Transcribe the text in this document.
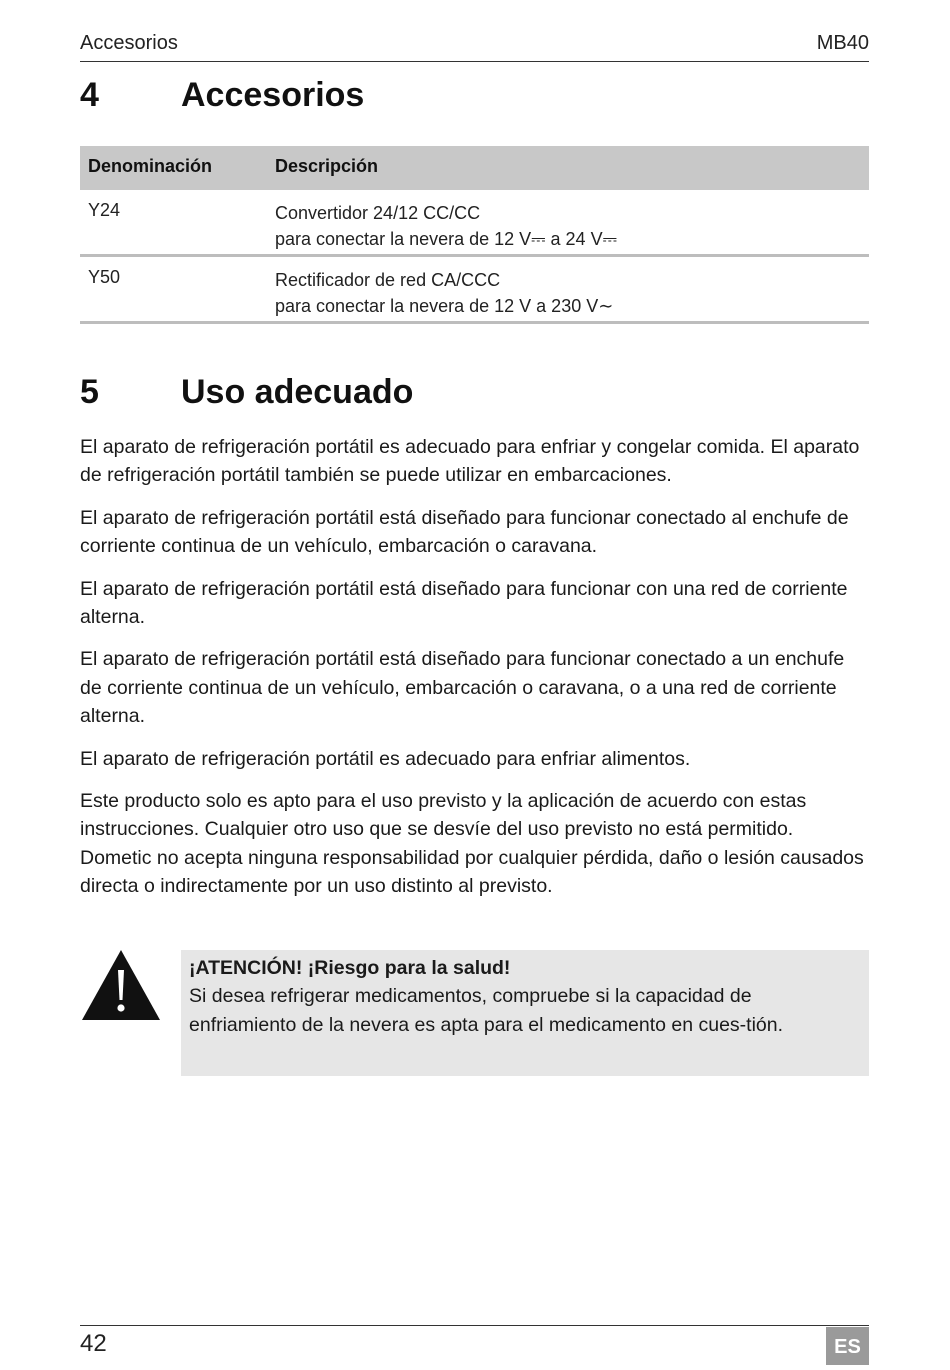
Accesorios	MB40
4 Accesorios
Denominación	Descripción
Y24	Convertidor 24/12 CC/CC
para conectar la nevera de 12 V⎓ a 24 V⎓
Y50	Rectificador de red CA/CCC
para conectar la nevera de 12 V a 230 V∼
5 Uso adecuado

El aparato de refrigeración portátil es adecuado para enfriar y congelar comida. El aparato de refrigeración portátil también se puede utilizar en embarcaciones.

El aparato de refrigeración portátil está diseñado para funcionar conectado al enchufe de corriente continua de un vehículo, embarcación o caravana.

El aparato de refrigeración portátil está diseñado para funcionar con una red de corriente alterna.

El aparato de refrigeración portátil está diseñado para funcionar conectado a un enchufe de corriente continua de un vehículo, embarcación o caravana, o a una red de corriente alterna.

El aparato de refrigeración portátil es adecuado para enfriar alimentos.

Este producto solo es apto para el uso previsto y la aplicación de acuerdo con estas instrucciones. Cualquier otro uso que se desvíe del uso previsto no está permitido. Dometic no acepta ninguna responsabilidad por cualquier pérdida, daño o lesión causados directa o indirectamente por un uso distinto al previsto.

¡ATENCIÓN! ¡Riesgo para la salud!
Si desea refrigerar medicamentos, compruebe si la capacidad de enfriamiento de la nevera es apta para el medicamento en cues-tión.
42	ES
